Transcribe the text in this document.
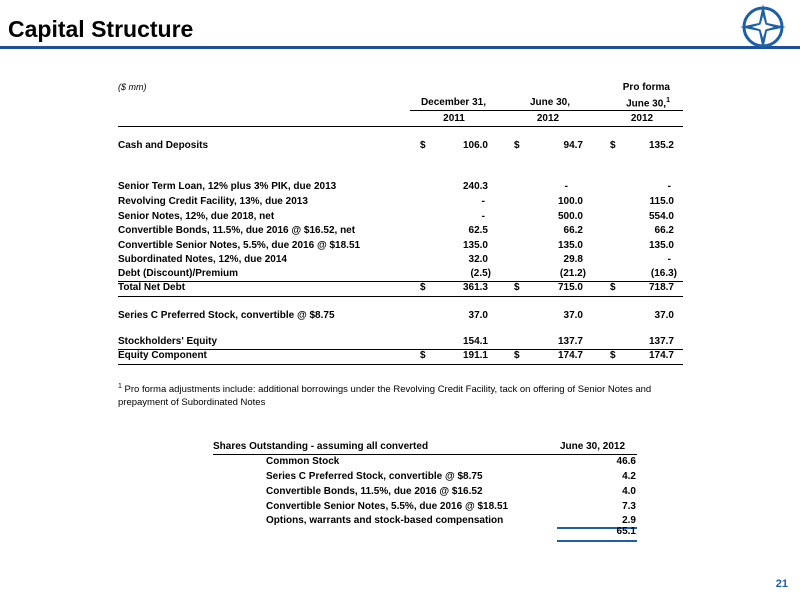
Capital Structure
($ mm)	Pro forma
December 31,	June 30,	June 30,$^1$
2011	2012	2012
Cash and Deposits	$	106.0	$	94.7	$	135.2
Senior Term Loan, 12% plus 3% PIK, due 2013	240.3	-	-
Revolving Credit Facility, 13%, due 2013	-	100.0	115.0
Senior Notes, 12%, due 2018, net	-	500.0	554.0
Convertible Bonds, 11.5%, due 2016 @ $16.52, net	62.5	66.2	66.2
Convertible Senior Notes, 5.5%, due 2016 @ $18.51	135.0	135.0	135.0
Subordinated Notes, 12%, due 2014	32.0	29.8	-
Debt (Discount)/Premium	(2.5)	(21.2)	(16.3)
Total Net Debt	$	361.3	$	715.0	$	718.7
Series C Preferred Stock, convertible @ $8.75	37.0	37.0	37.0
Stockholders' Equity	154.1	137.7	137.7
Equity Component	$	191.1	$	174.7	$	174.7
$^1$ Pro forma adjustments include: additional borrowings under the Revolving Credit Facility, tack on offering of Senior Notes and prepayment of Subordinated Notes
Shares Outstanding - assuming all converted	June 30, 2012
Common Stock	46.6
Series C Preferred Stock, convertible @ $8.75	4.2
Convertible Bonds, 11.5%, due 2016 @ $16.52	4.0
Convertible Senior Notes, 5.5%, due 2016 @ $18.51	7.3
Options, warrants and stock-based compensation	2.9
65.1
21
